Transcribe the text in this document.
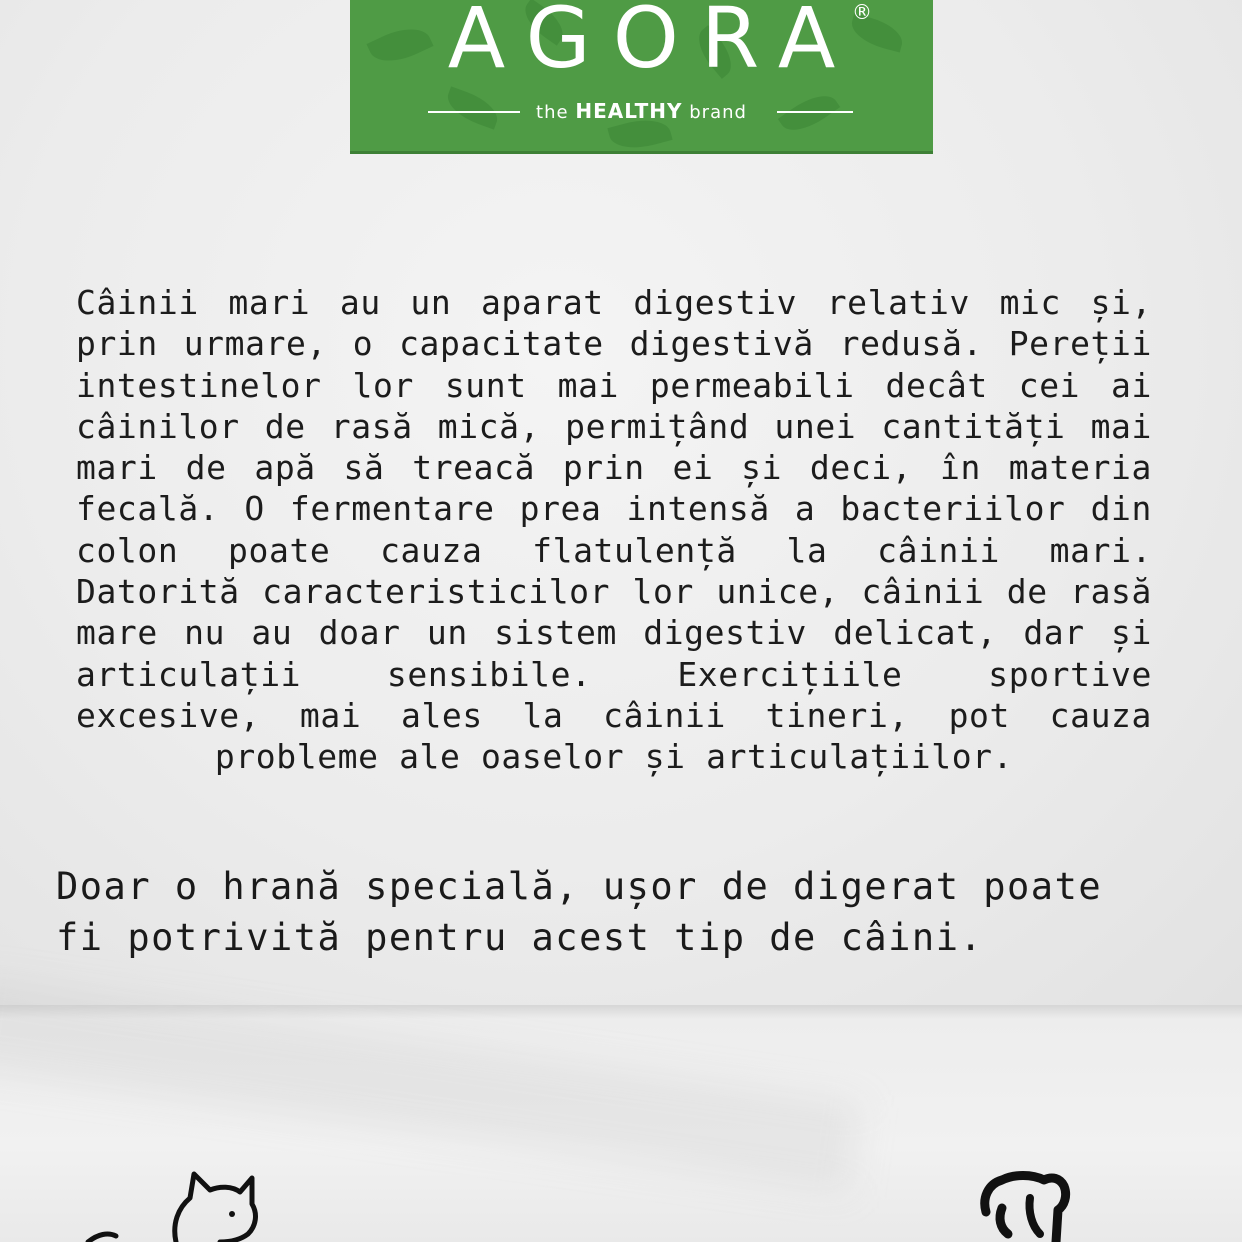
AGORA
the HEALTHY brand
®
Câinii mari au un aparat digestiv relativ mic și, prin urmare, o capacitate digestivă redusă. Pereții intestinelor lor sunt mai permeabili decât cei ai câinilor de rasă mică, permițând unei cantități mai mari de apă să treacă prin ei și deci, în materia fecală. O fermentare prea intensă a bacteriilor din colon poate cauza flatulență la câinii mari. Datorită caracteristicilor lor unice, câinii de rasă mare nu au doar un sistem digestiv delicat, dar și articulații sensibile. Exercițiile sportive excesive, mai ales la câinii tineri, pot cauza probleme ale oaselor și articulațiilor.
Doar o hrană specială, ușor de digerat poate fi potrivită pentru acest tip de câini.
